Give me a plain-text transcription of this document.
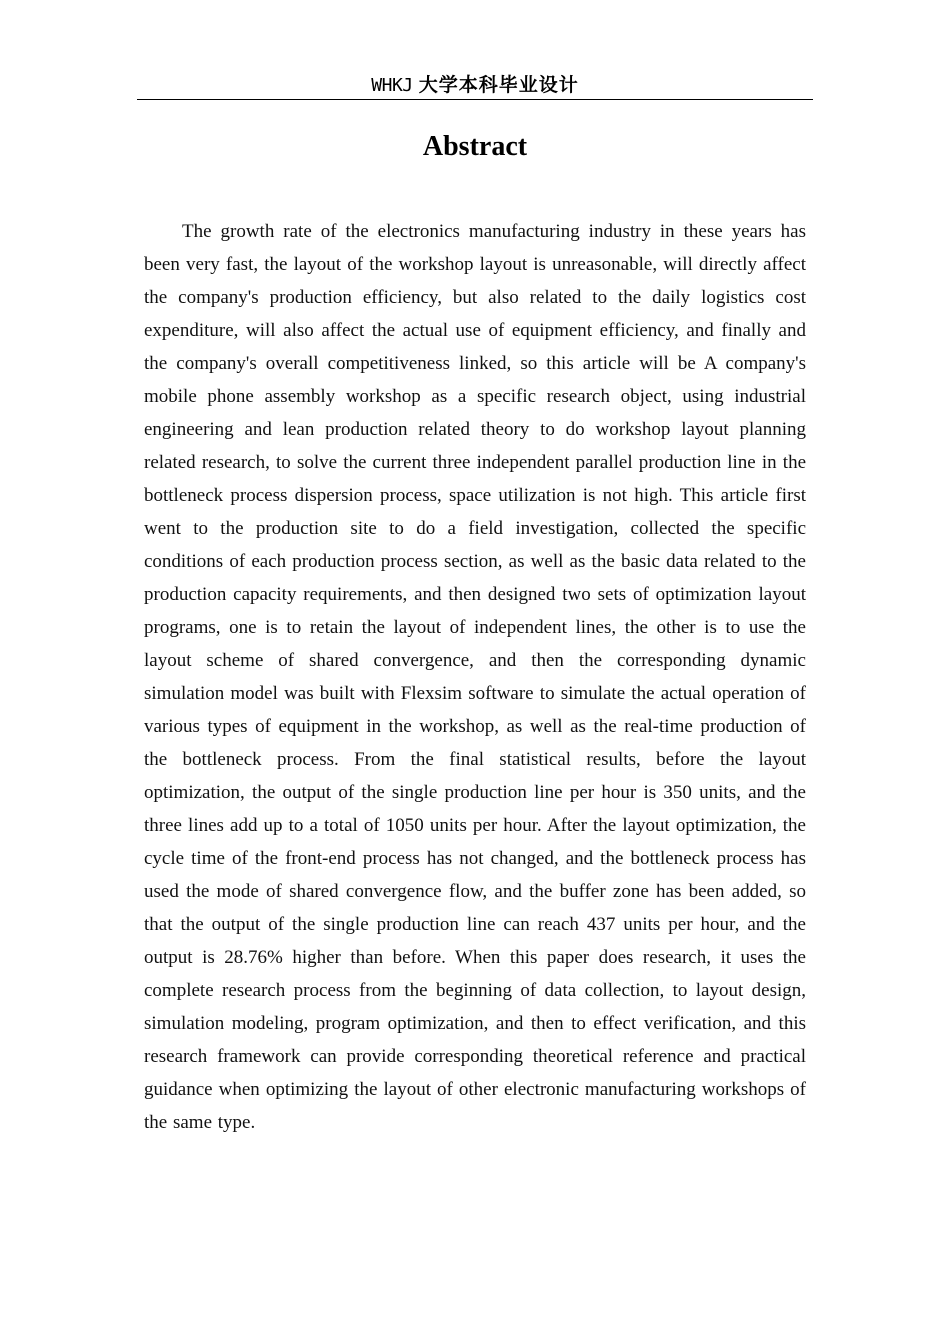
WHKJ 大学本科毕业设计
Abstract

The growth rate of the electronics manufacturing industry in these years has been very fast, the layout of the workshop layout is unreasonable, will directly affect the company's production efficiency, but also related to the daily logistics cost expenditure, will also affect the actual use of equipment efficiency, and finally and the company's overall competitiveness linked, so this article will be A company's mobile phone assembly workshop as a specific research object, using industrial engineering and lean production related theory to do workshop layout planning related research, to solve the current three independent parallel production line in the bottleneck process dispersion process, space utilization is not high. This article first went to the production site to do a field investigation, collected the specific conditions of each production process section, as well as the basic data related to the production capacity requirements, and then designed two sets of optimization layout programs, one is to retain the layout of independent lines, the other is to use the layout scheme of shared convergence, and then the corresponding dynamic simulation model was built with Flexsim software to simulate the actual operation of various types of equipment in the workshop, as well as the real-time production of the bottleneck process. From the final statistical results, before the layout optimization, the output of the single production line per hour is 350 units, and the three lines add up to a total of 1050 units per hour. After the layout optimization, the cycle time of the front-end process has not changed, and the bottleneck process has used the mode of shared convergence flow, and the buffer zone has been added, so that the output of the single production line can reach 437 units per hour, and the output is 28.76% higher than before. When this paper does research, it uses the complete research process from the beginning of data collection, to layout design, simulation modeling, program optimization, and then to effect verification, and this research framework can provide corresponding theoretical reference and practical guidance when optimizing the layout of other electronic manufacturing workshops of the same type.
